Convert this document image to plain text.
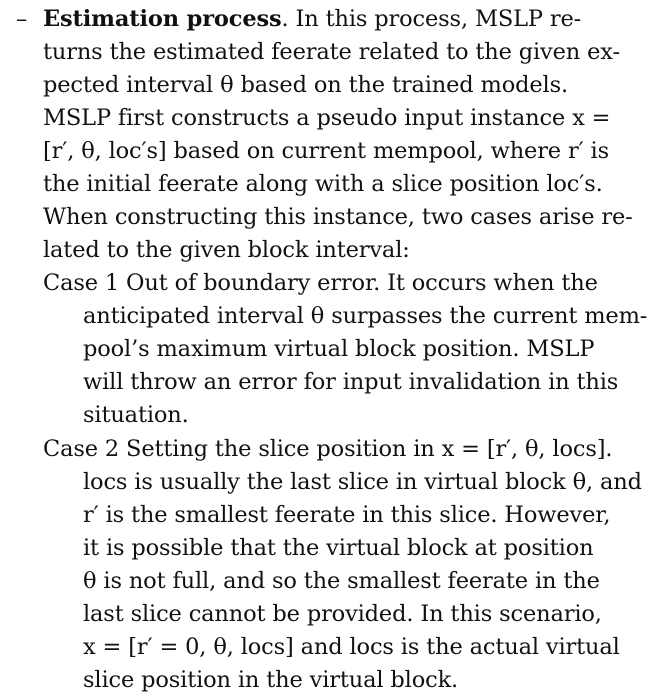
– Estimation process. In this process, MSLP re-
turns the estimated feerate related to the given ex-
pected interval θ based on the trained models.
MSLP first constructs a pseudo input instance x =
[r′, θ, loc′s] based on current mempool, where r′ is
the initial feerate along with a slice position loc′s.
When constructing this instance, two cases arise re-
lated to the given block interval:
Case 1 Out of boundary error. It occurs when the
anticipated interval θ surpasses the current mem-
pool’s maximum virtual block position. MSLP
will throw an error for input invalidation in this
situation.
Case 2 Setting the slice position in x = [r′, θ, locs].
locs is usually the last slice in virtual block θ, and
r′ is the smallest feerate in this slice. However,
it is possible that the virtual block at position
θ is not full, and so the smallest feerate in the
last slice cannot be provided. In this scenario,
x = [r′ = 0, θ, locs] and locs is the actual virtual
slice position in the virtual block.
